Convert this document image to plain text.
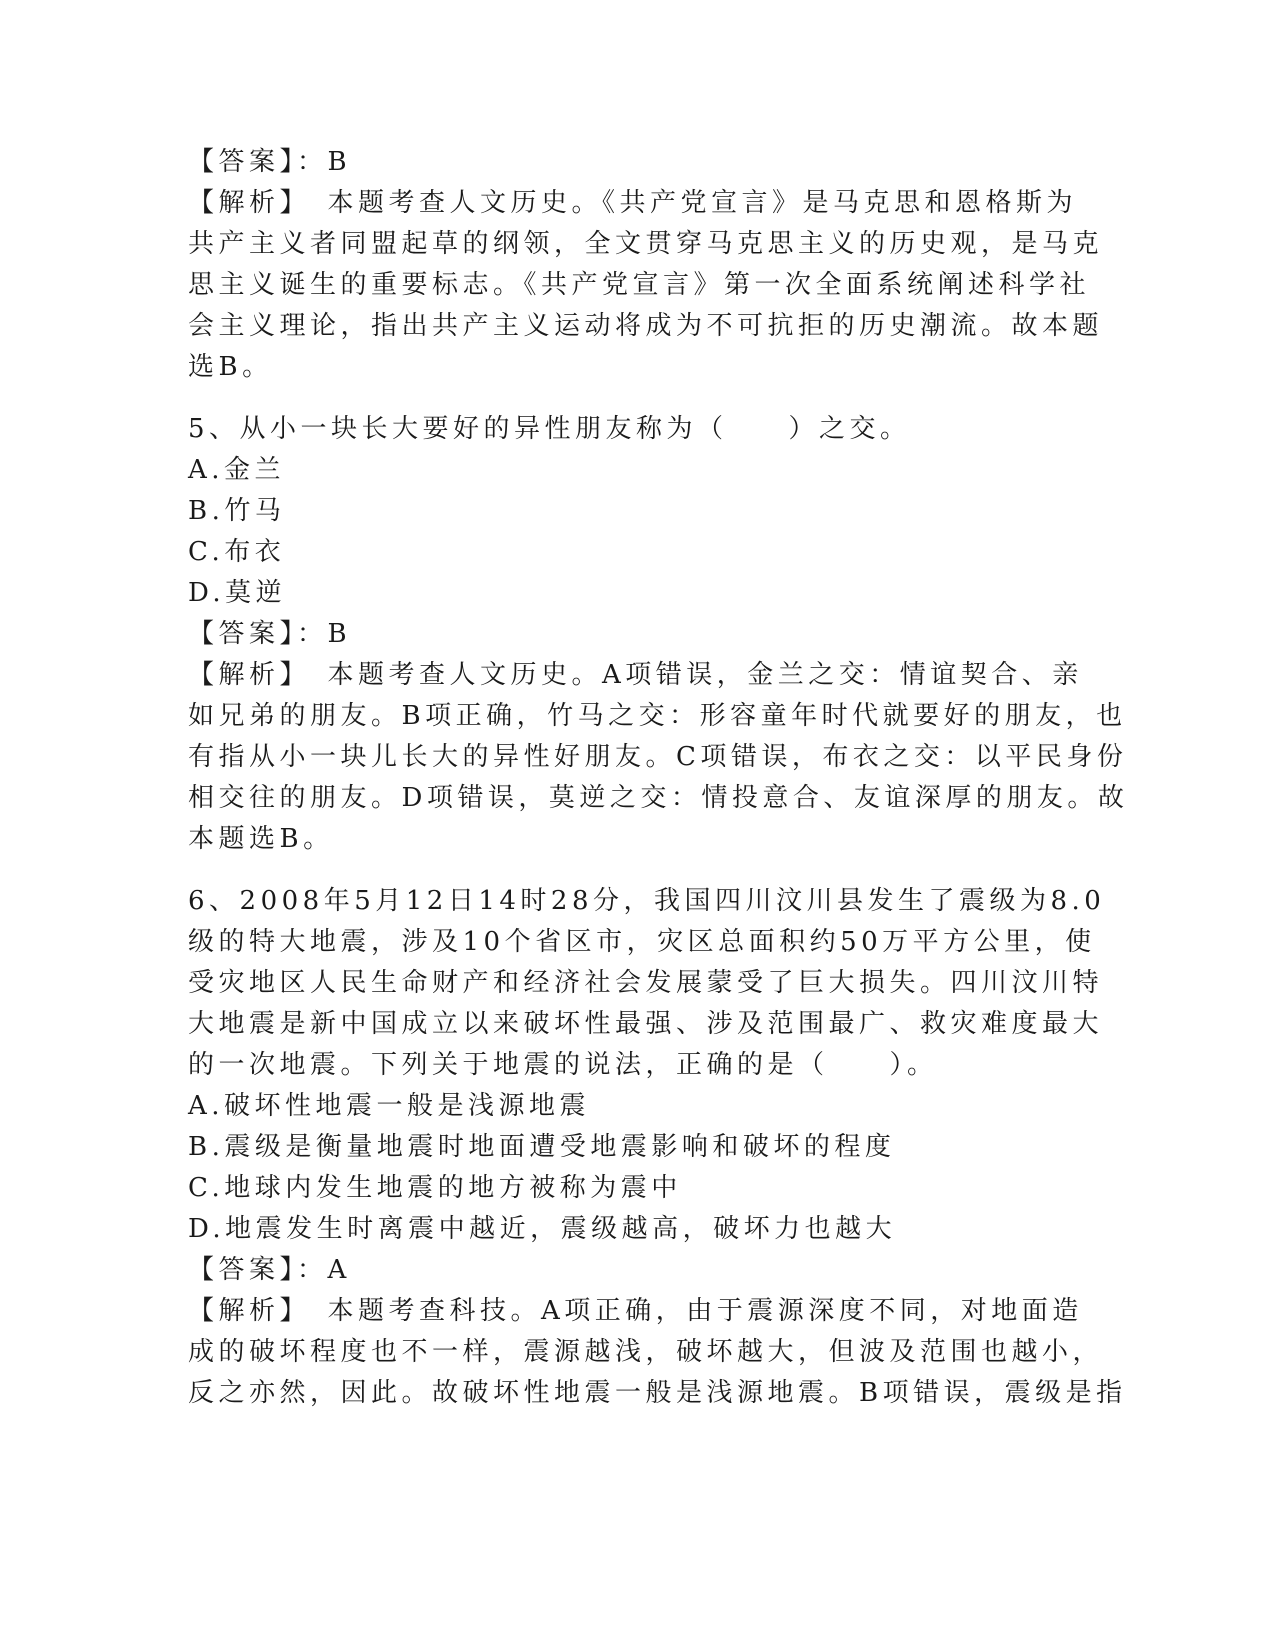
【答案】：B
【解析】　本题考查人文历史。《共产党宣言》是马克思和恩格斯为
共产主义者同盟起草的纲领，全文贯穿马克思主义的历史观，是马克
思主义诞生的重要标志。《共产党宣言》第一次全面系统阐述科学社
会主义理论，指出共产主义运动将成为不可抗拒的历史潮流。故本题
选B。
5、从小一块长大要好的异性朋友称为（　　）之交。
A.金兰
B.竹马
C.布衣
D.莫逆
【答案】：B
【解析】　本题考查人文历史。A项错误，金兰之交：情谊契合、亲
如兄弟的朋友。B项正确，竹马之交：形容童年时代就要好的朋友，也
有指从小一块儿长大的异性好朋友。C项错误，布衣之交：以平民身份
相交往的朋友。D项错误，莫逆之交：情投意合、友谊深厚的朋友。故
本题选B。
6、2008年5月12日14时28分，我国四川汶川县发生了震级为8.0
级的特大地震，涉及10个省区市，灾区总面积约50万平方公里，使
受灾地区人民生命财产和经济社会发展蒙受了巨大损失。四川汶川特
大地震是新中国成立以来破坏性最强、涉及范围最广、救灾难度最大
的一次地震。下列关于地震的说法，正确的是（　　）。
A.破坏性地震一般是浅源地震
B.震级是衡量地震时地面遭受地震影响和破坏的程度
C.地球内发生地震的地方被称为震中
D.地震发生时离震中越近，震级越高，破坏力也越大
【答案】：A
【解析】　本题考查科技。A项正确，由于震源深度不同，对地面造
成的破坏程度也不一样，震源越浅，破坏越大，但波及范围也越小，
反之亦然，因此。故破坏性地震一般是浅源地震。B项错误，震级是指
